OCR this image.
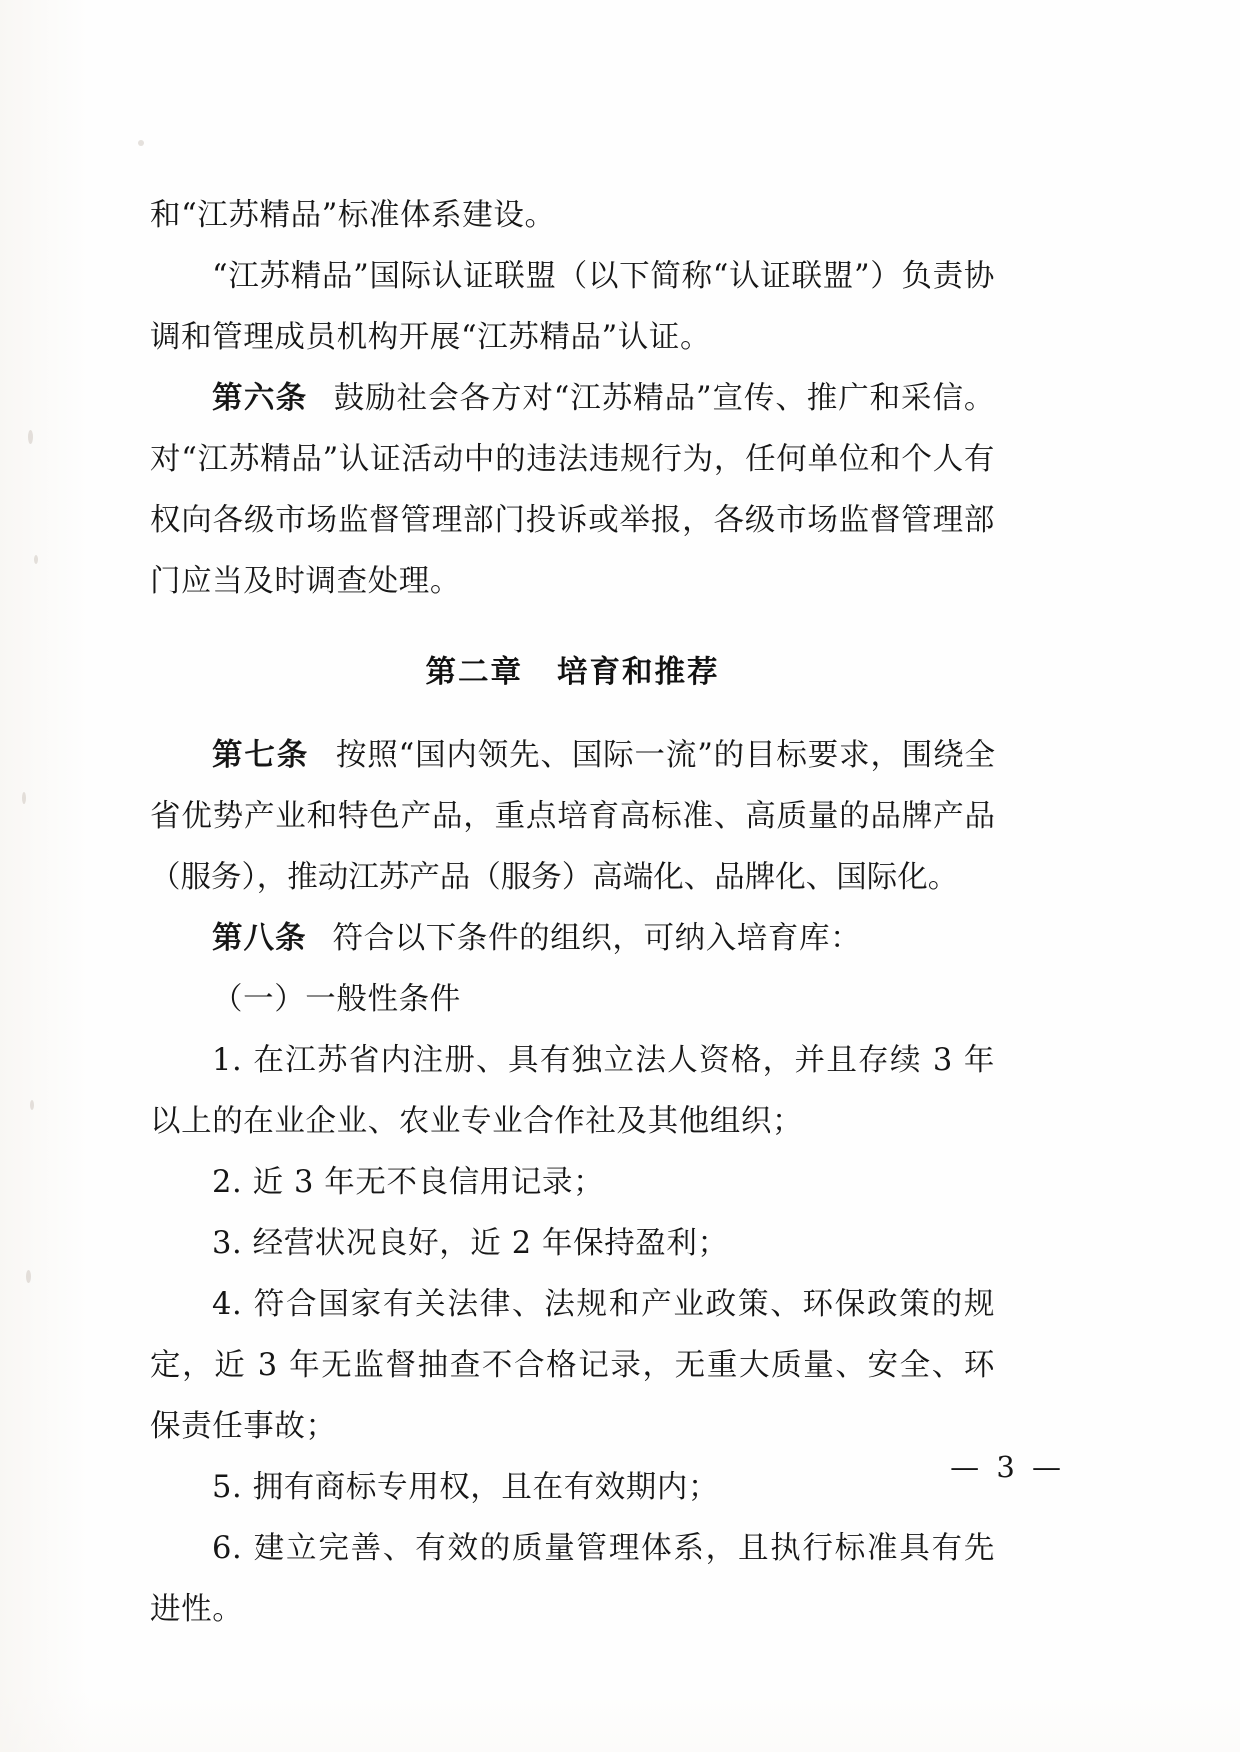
和“江苏精品”标准体系建设。

“江苏精品”国际认证联盟（以下简称“认证联盟”）负责协调和管理成员机构开展“江苏精品”认证。

第六条 鼓励社会各方对“江苏精品”宣传、推广和采信。对“江苏精品”认证活动中的违法违规行为，任何单位和个人有权向各级市场监督管理部门投诉或举报，各级市场监督管理部门应当及时调查处理。

第二章 培育和推荐

第七条 按照“国内领先、国际一流”的目标要求，围绕全省优势产业和特色产品，重点培育高标准、高质量的品牌产品（服务），推动江苏产品（服务）高端化、品牌化、国际化。

第八条 符合以下条件的组织，可纳入培育库：

（一）一般性条件

1. 在江苏省内注册、具有独立法人资格，并且存续 3 年以上的在业企业、农业专业合作社及其他组织；

2. 近 3 年无不良信用记录；

3. 经营状况良好，近 2 年保持盈利；

4. 符合国家有关法律、法规和产业政策、环保政策的规定，近 3 年无监督抽查不合格记录，无重大质量、安全、环保责任事故；

5. 拥有商标专用权，且在有效期内；

6. 建立完善、有效的质量管理体系，且执行标准具有先进性。

— 3 —
